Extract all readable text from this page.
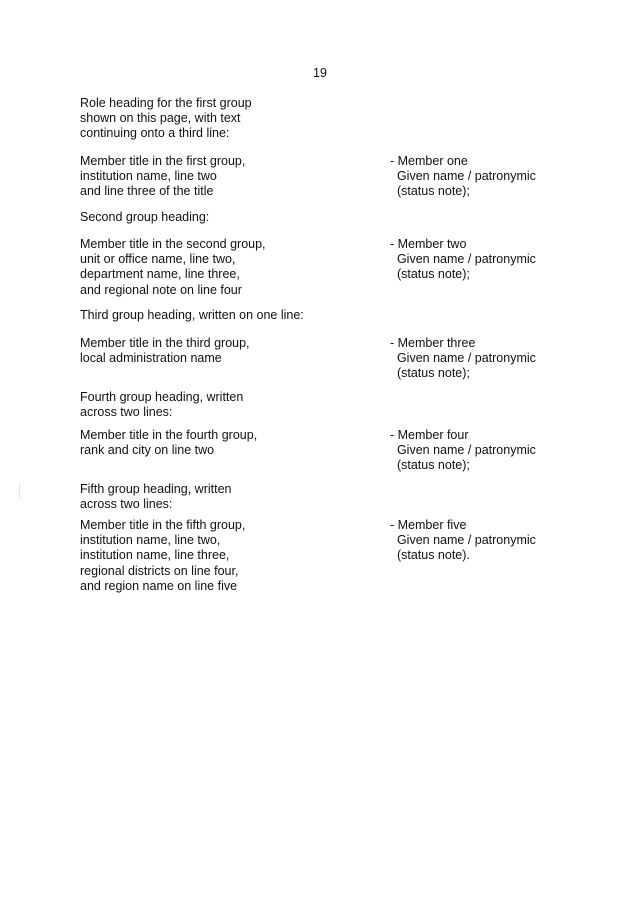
19
Role heading for the first group
shown on this page, with text
continuing onto a third line:
Member title in the first group,
institution name, line two
and line three of the title
- Member one
Given name / patronymic
(status note);
Second group heading:
Member title in the second group,
unit or office name, line two,
department name, line three,
and regional note on line four
- Member two
Given name / patronymic
(status note);
Third group heading, written on one line:
Member title in the third group,
local administration name
- Member three
Given name / patronymic
(status note);
Fourth group heading, written
across two lines:
Member title in the fourth group,
rank and city on line two
- Member four
Given name / patronymic
(status note);
Fifth group heading, written
across two lines:
Member title in the fifth group,
institution name, line two,
institution name, line three,
regional districts on line four,
and region name on line five
- Member five
Given name / patronymic
(status note).
